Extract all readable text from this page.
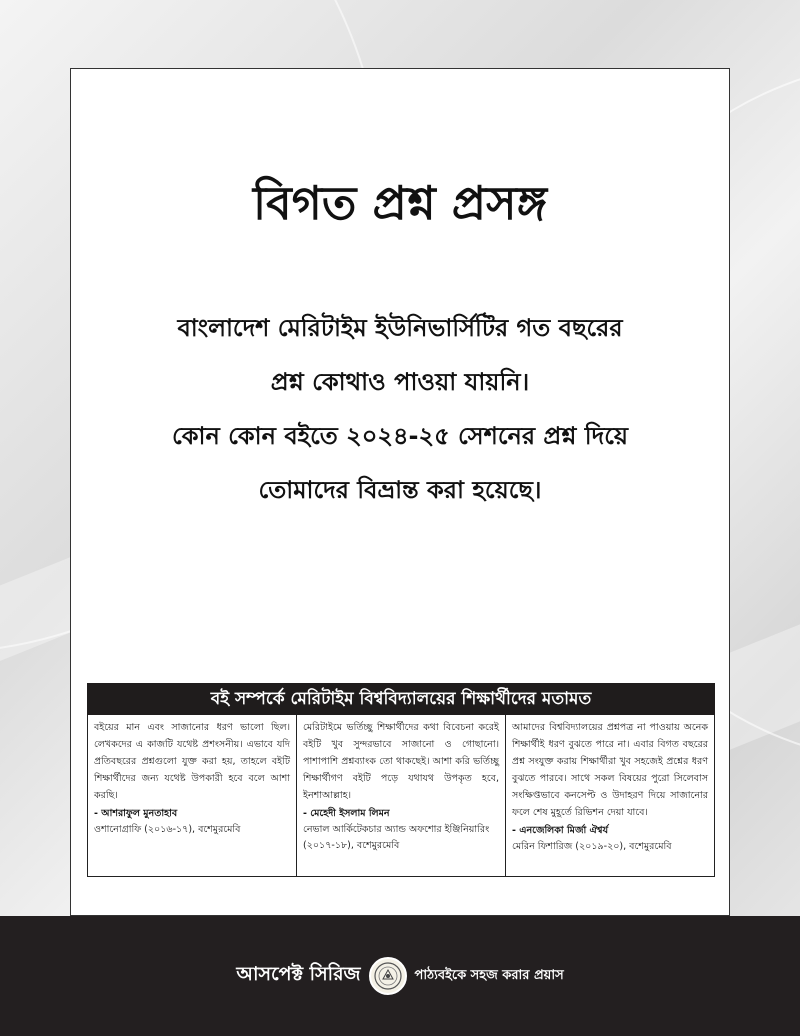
বিগত প্রশ্ন প্রসঙ্গ
বাংলাদেশ মেরিটাইম ইউনিভার্সিটির গত বছরের
প্রশ্ন কোথাও পাওয়া যায়নি।
কোন কোন বইতে ২০২৪-২৫ সেশনের প্রশ্ন দিয়ে
তোমাদের বিভ্রান্ত করা হয়েছে।
বই সম্পর্কে মেরিটাইম বিশ্ববিদ্যালয়ের শিক্ষার্থীদের মতামত

বইয়ের মান এবং সাজানোর ধরণ ভালো ছিল। লেখকদের এ কাজটি যথেষ্ট প্রশংসনীয়। এভাবে যদি প্রতিবছরের প্রশ্নগুলো যুক্ত করা হয়, তাহলে বইটি শিক্ষার্থীদের জন্য যথেষ্ট উপকারী হবে বলে আশা করছি।

- আশরাফুল মুনতাহাব

ওশানোগ্রাফি (২০১৬-১৭), বশেমুরমেবি

মেরিটাইমে ভর্তিচ্ছু শিক্ষার্থীদের কথা বিবেচনা করেই বইটি খুব সুন্দরভাবে সাজানো ও গোছানো। পাশাপাশি প্রশ্নব্যাংক তো থাকছেই। আশা করি ভর্তিচ্ছু শিক্ষার্থীগণ বইটি পড়ে যথাযথ উপকৃত হবে, ইনশাআল্লাহ।

- মেহেদী ইসলাম লিমন

নেভাল আর্কিটেকচার অ্যান্ড অফশোর ইঞ্জিনিয়ারিং (২০১৭-১৮), বশেমুরমেবি

আমাদের বিশ্ববিদ্যালয়ের প্রশ্নপত্র না পাওয়ায় অনেক শিক্ষার্থীই ধরণ বুঝতে পারে না। এবার বিগত বছরের প্রশ্ন সংযুক্ত করায় শিক্ষার্থীরা খুব সহজেই প্রশ্নের ধরণ বুঝতে পারবে। সাথে সকল বিষয়ের পুরো সিলেবাস সংক্ষিপ্তভাবে কনসেপ্ট ও উদাহরণ দিয়ে সাজানোর ফলে শেষ মুহূর্তে রিভিশন দেয়া যাবে।

- এনজেলিকা মির্জা ঐশ্বর্য

মেরিন ফিশারিজ (২০১৯-২০), বশেমুরমেবি

আসপেক্ট সিরিজ	পাঠ্যবইকে সহজ করার প্রয়াস
